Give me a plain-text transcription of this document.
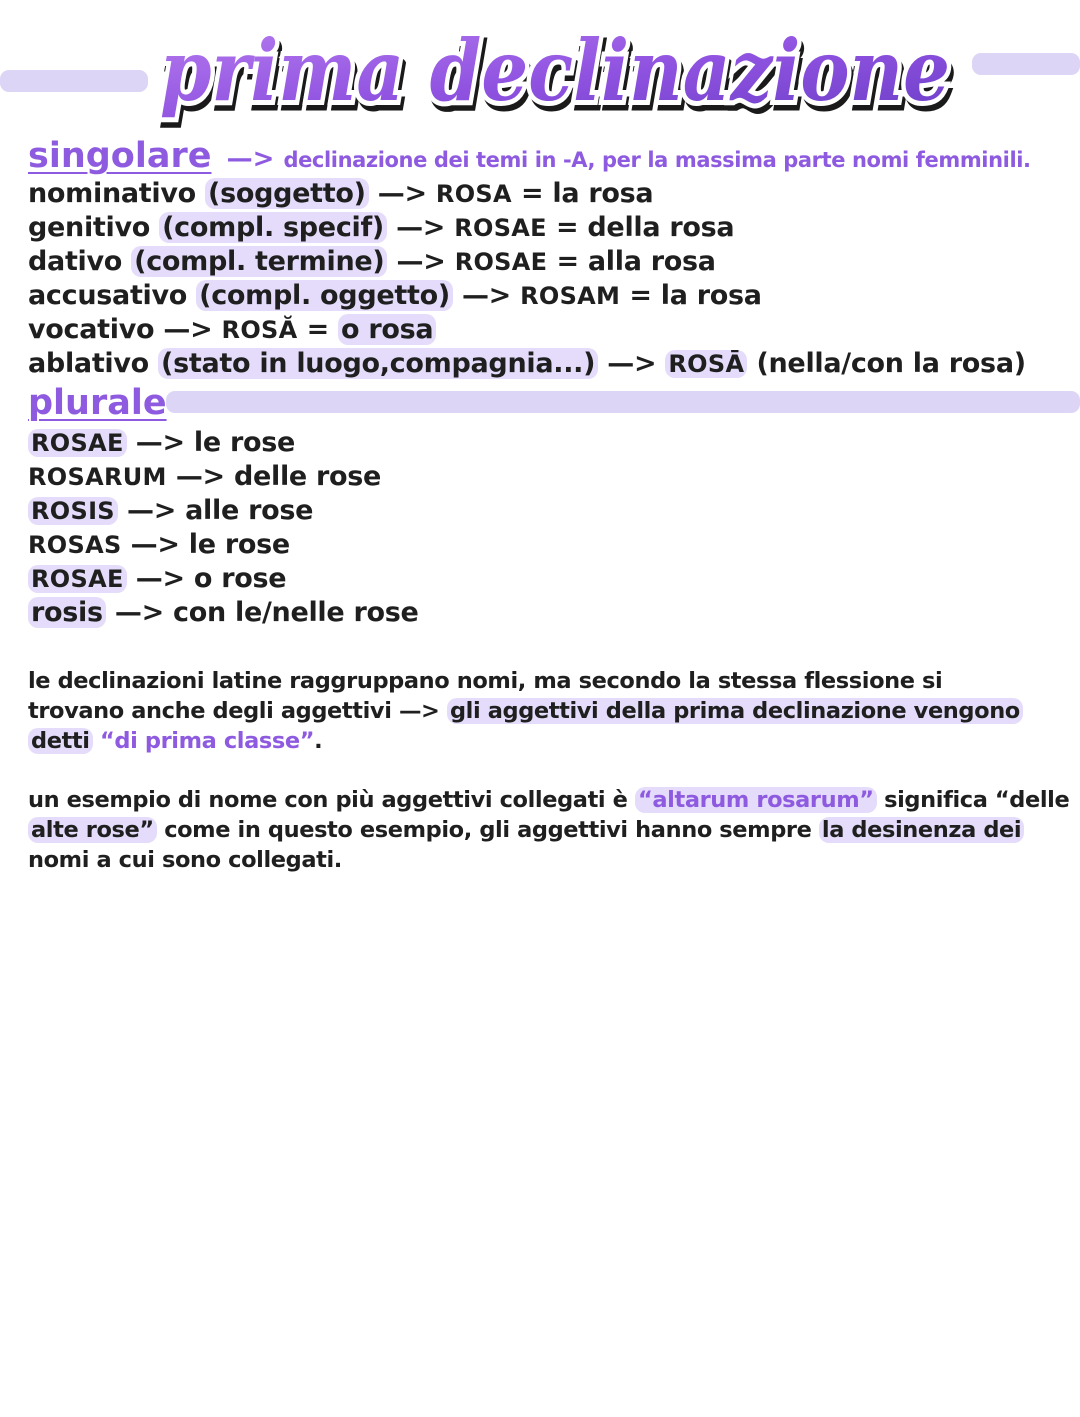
prima declinazione
prima declinazione
prima declinazione
singolare —> declinazione dei temi in -A, per la massima parte nomi femminili.
nominativo (soggetto) —> ROSA = la rosa
genitivo (compl. specif) —> ROSAE = della rosa
dativo (compl. termine) —> ROSAE = alla rosa
accusativo (compl. oggetto) —> ROSAM = la rosa
vocativo —> ROSĂ = o rosa
ablativo (stato in luogo,compagnia...) —> ROSĀ (nella/con la rosa)
plurale
ROSAE —> le rose
ROSARUM —> delle rose
ROSIS —> alle rose
ROSAS —> le rose
ROSAE —> o rose
rosis —> con le/nelle rose
le declinazioni latine raggruppano nomi, ma secondo la stessa flessione si
trovano anche degli aggettivi —> gli aggettivi della prima declinazione vengono
detti “di prima classe”.
un esempio di nome con più aggettivi collegati è “altarum rosarum” significa “delle
alte rose” come in questo esempio, gli aggettivi hanno sempre la desinenza dei
nomi a cui sono collegati.
